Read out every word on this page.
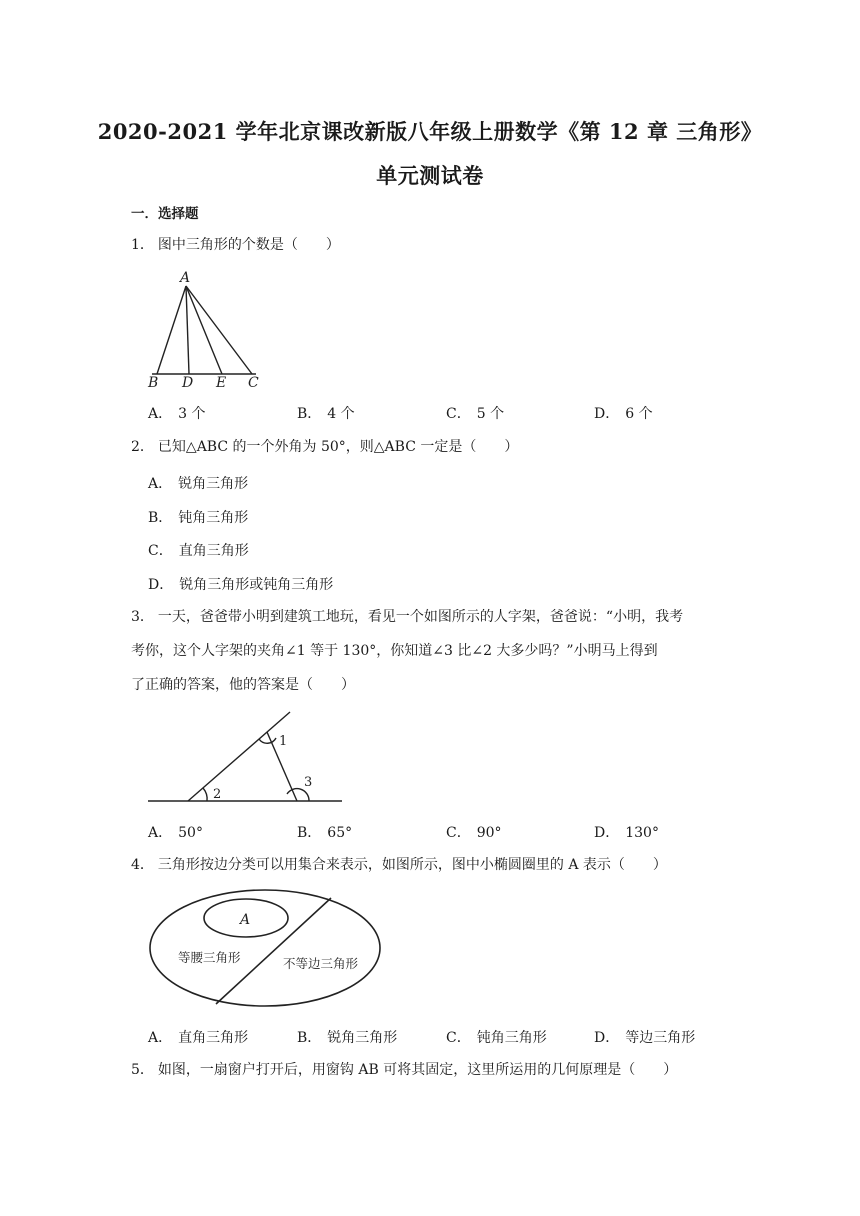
2020-2021 学年北京课改新版八年级上册数学《第 12 章 三角形》
单元测试卷
一．选择题
1． 图中三角形的个数是（　　）
A
B D E C
A． 3 个	B． 4 个	C． 5 个	D． 6 个
2． 已知△ABC 的一个外角为 50°，则△ABC 一定是（　　）
A． 锐角三角形
B． 钝角三角形
C． 直角三角形
D． 锐角三角形或钝角三角形
3． 一天，爸爸带小明到建筑工地玩，看见一个如图所示的人字架，爸爸说：“小明，我考
考你，这个人字架的夹角∠1 等于 130°，你知道∠3 比∠2 大多少吗？”小明马上得到
了正确的答案，他的答案是（　　）
1
2
3
A． 50°	B． 65°	C． 90°	D． 130°
4． 三角形按边分类可以用集合来表示，如图所示，图中小椭圆圈里的 A 表示（　　）
A
等腰三角形	不等边三角形
A． 直角三角形	B． 锐角三角形	C． 钝角三角形	D． 等边三角形
5． 如图，一扇窗户打开后，用窗钩 AB 可将其固定，这里所运用的几何原理是（　　）
